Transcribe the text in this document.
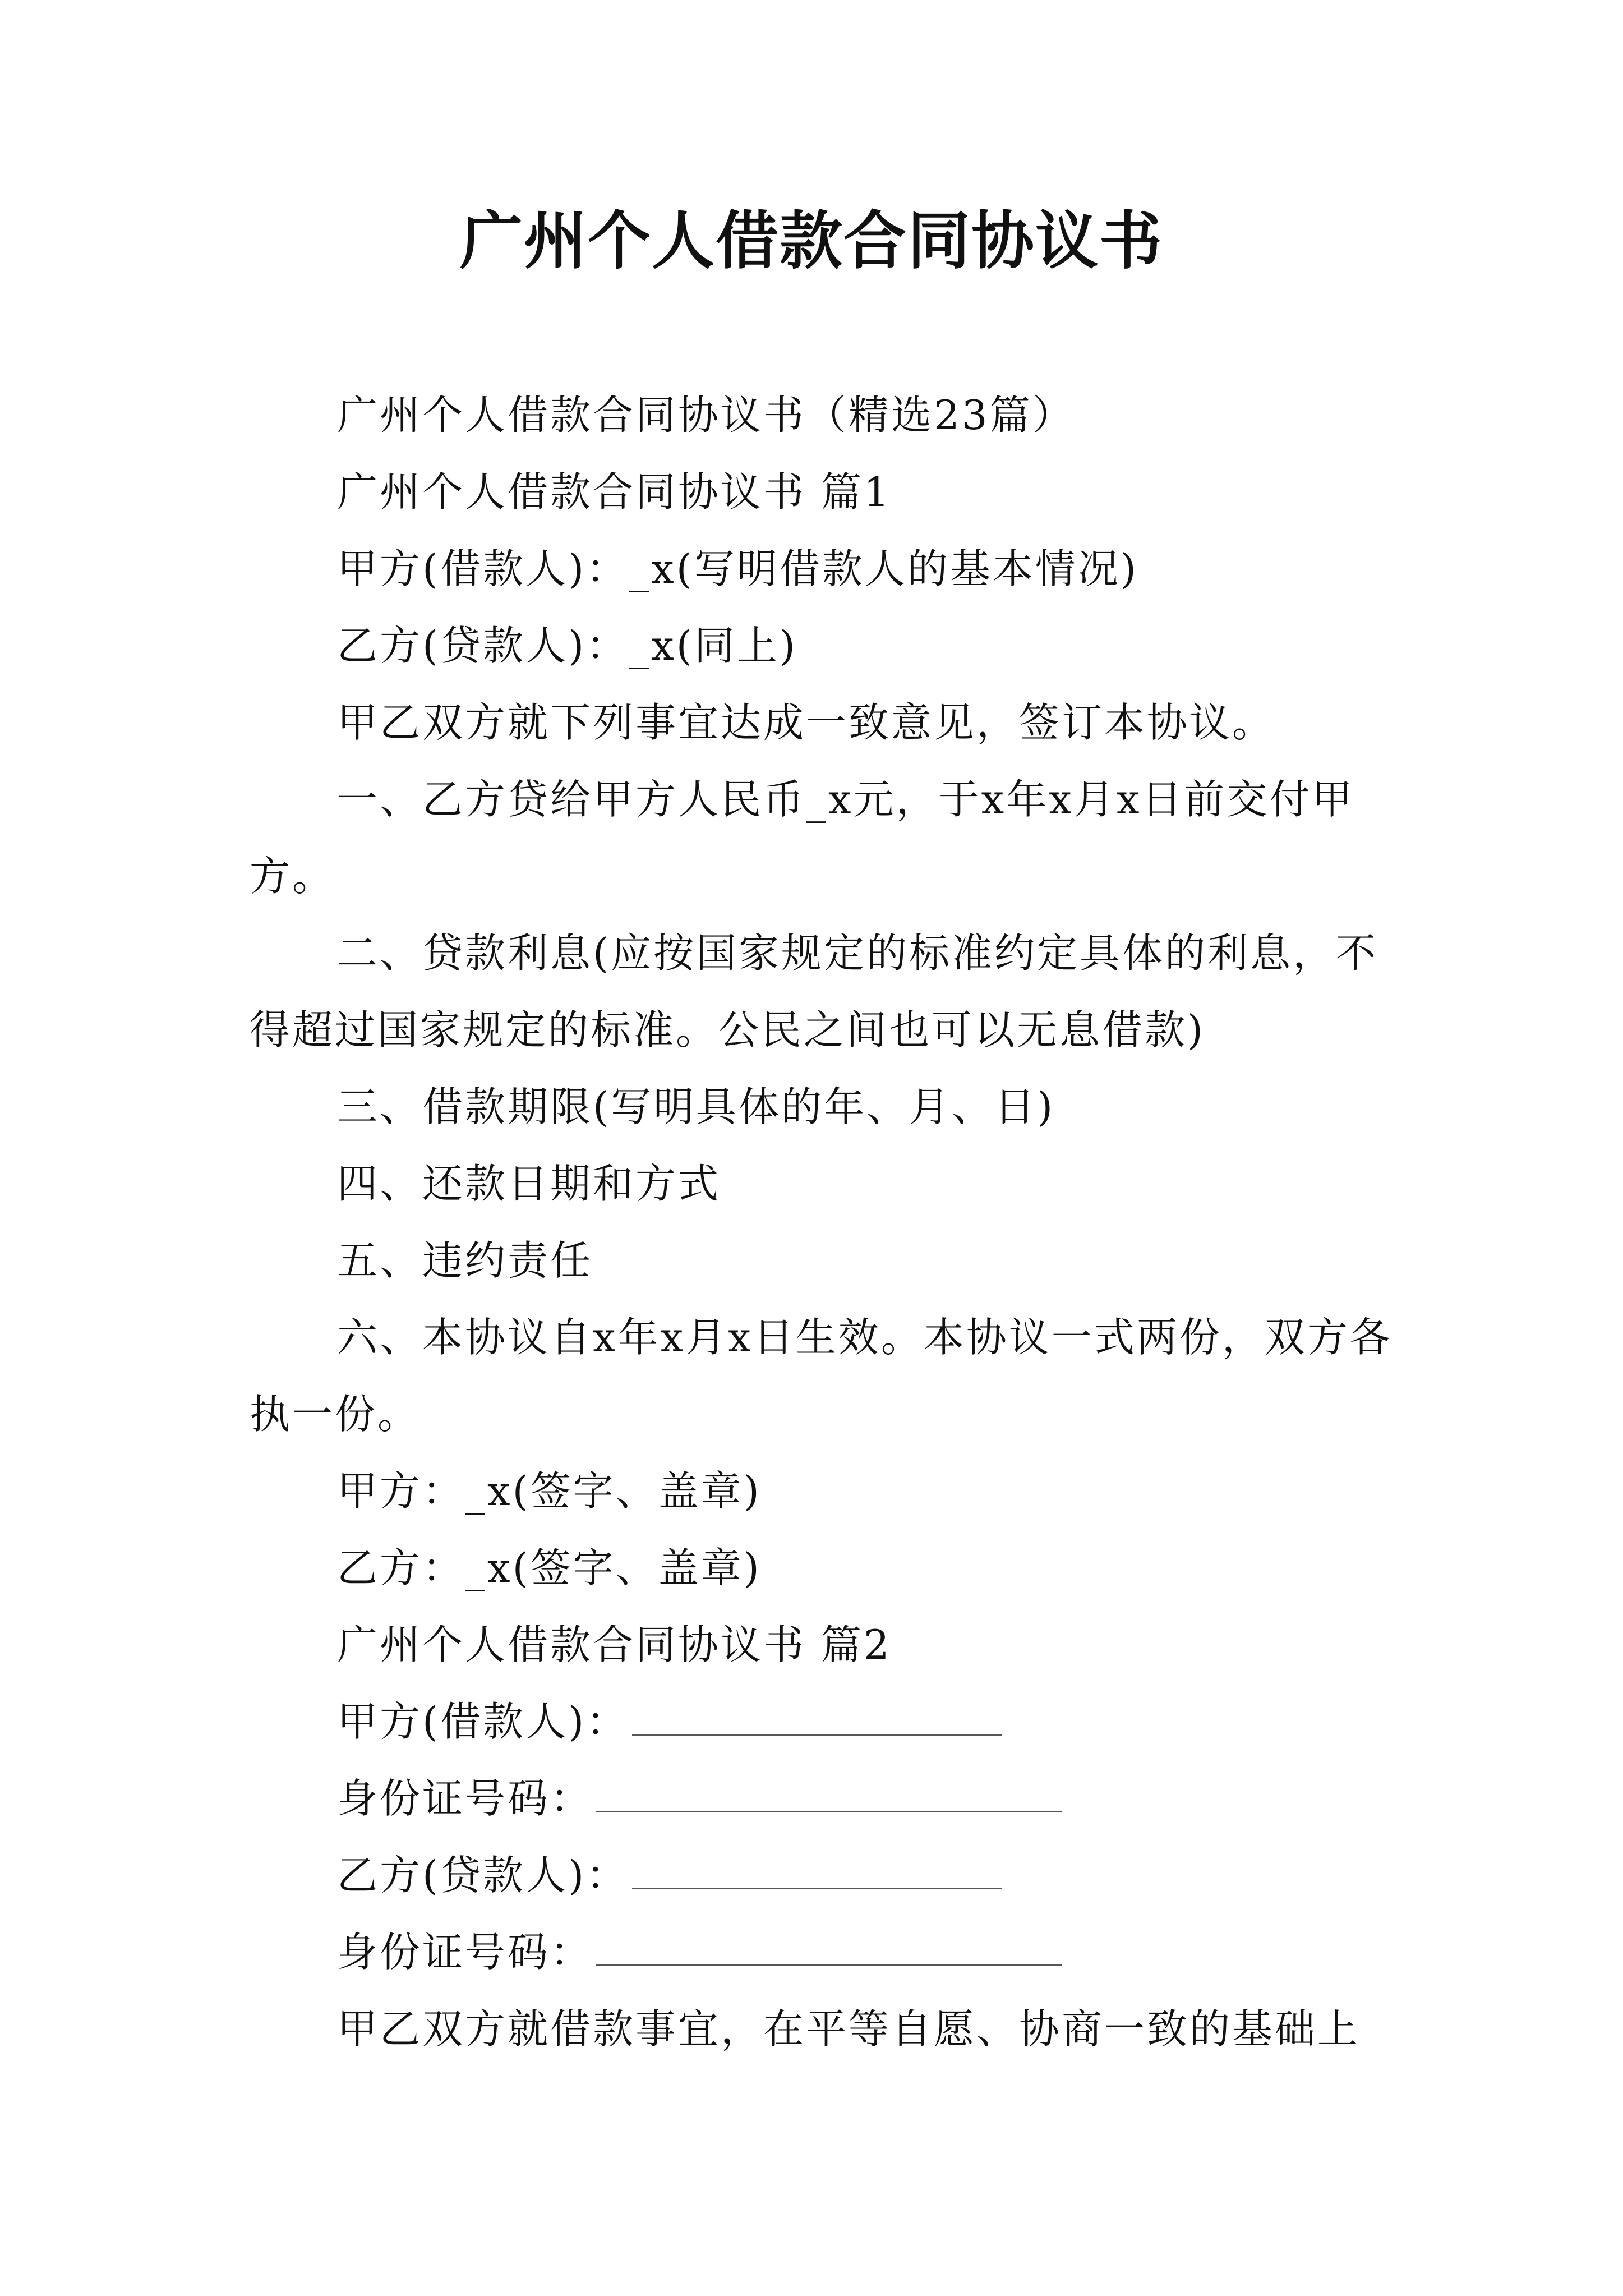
广州个人借款合同协议书

广州个人借款合同协议书（精选23篇）

广州个人借款合同协议书 篇1

甲方(借款人)：_x(写明借款人的基本情况)

乙方(贷款人)：_x(同上)

甲乙双方就下列事宜达成一致意见，签订本协议。

一、乙方贷给甲方人民币_x元，于x年x月x日前交付甲方。

二、贷款利息(应按国家规定的标准约定具体的利息，不得超过国家规定的标准。公民之间也可以无息借款)

三、借款期限(写明具体的年、月、日)

四、还款日期和方式

五、违约责任

六、本协议自x年x月x日生效。本协议一式两份，双方各执一份。

甲方：_x(签字、盖章)

乙方：_x(签字、盖章)

广州个人借款合同协议书 篇2

甲方(借款人)：

身份证号码：

乙方(贷款人)：

身份证号码：

甲乙双方就借款事宜，在平等自愿、协商一致的基础上
